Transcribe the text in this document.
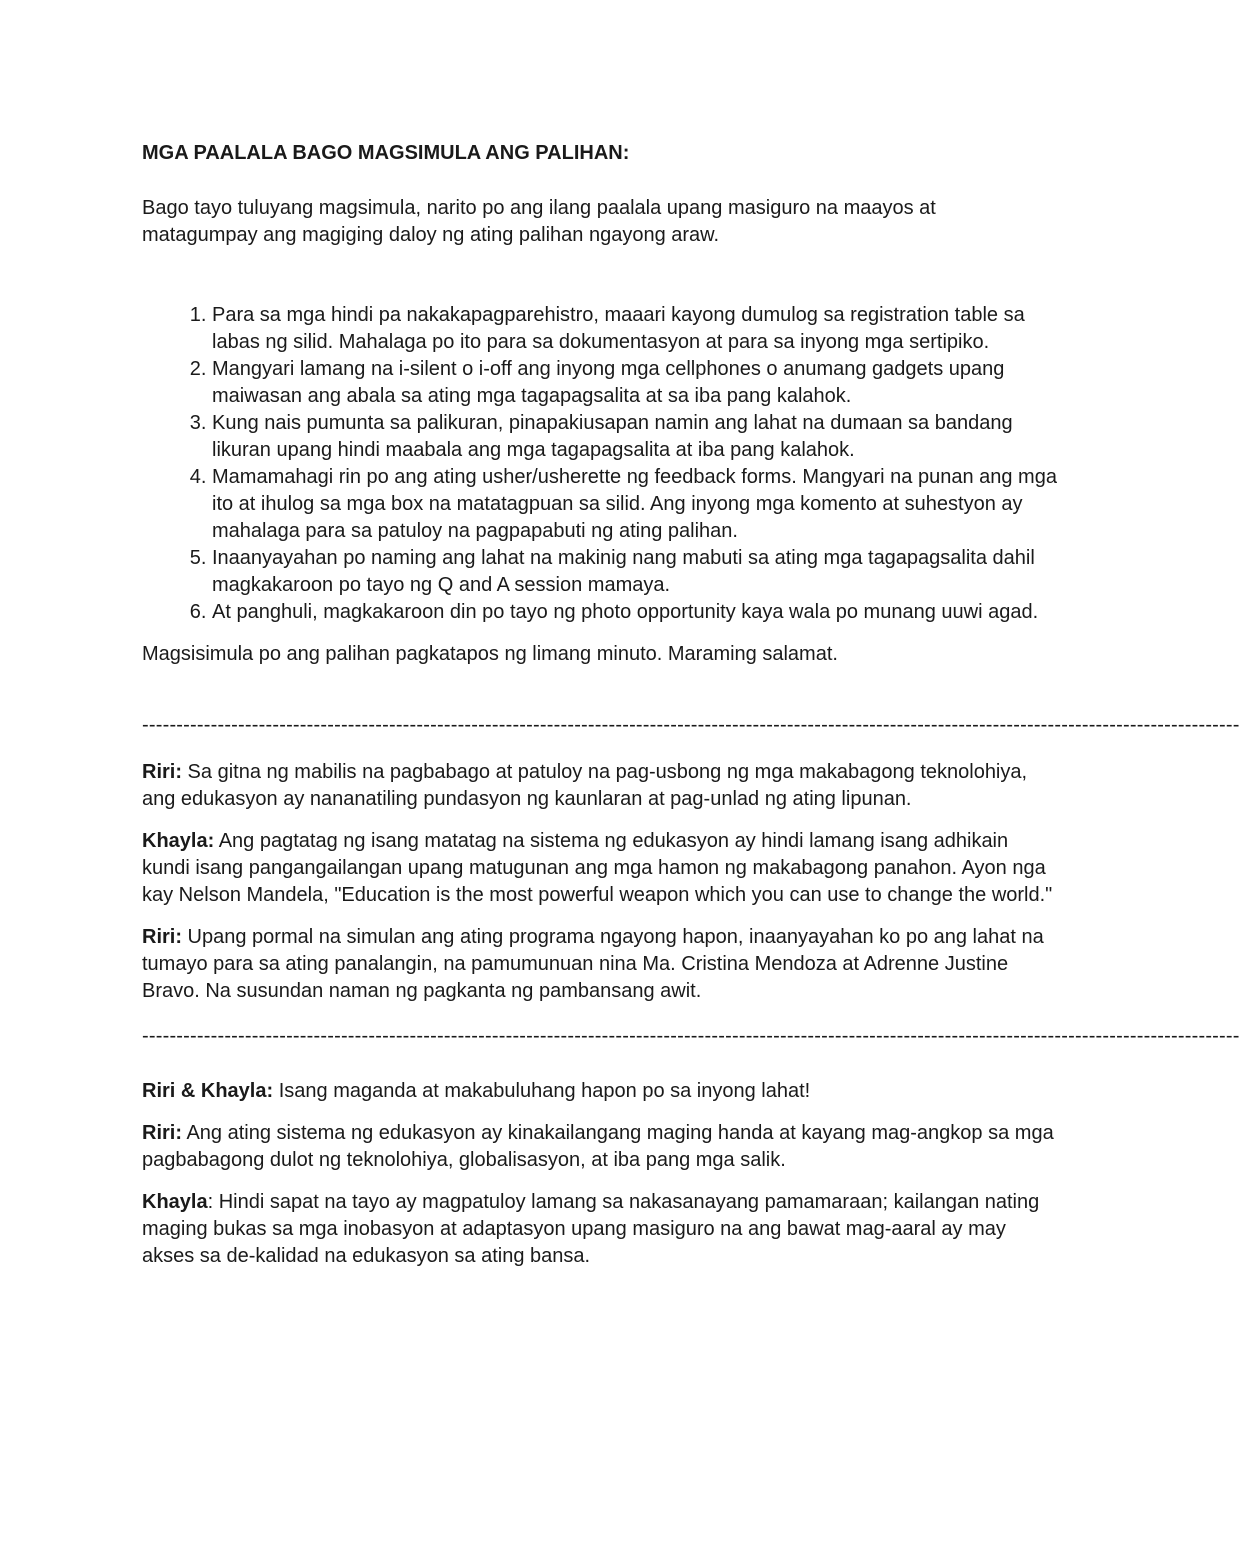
MGA PAALALA BAGO MAGSIMULA ANG PALIHAN:
Bago tayo tuluyang magsimula, narito po ang ilang paalala upang masiguro na maayos at matagumpay ang magiging daloy ng ating palihan ngayong araw.
1. Para sa mga hindi pa nakakapagparehistro, maaari kayong dumulog sa registration table sa labas ng silid. Mahalaga po ito para sa dokumentasyon at para sa inyong mga sertipiko.
2. Mangyari lamang na i-silent o i-off ang inyong mga cellphones o anumang gadgets upang maiwasan ang abala sa ating mga tagapagsalita at sa iba pang kalahok.
3. Kung nais pumunta sa palikuran, pinapakiusapan namin ang lahat na dumaan sa bandang likuran upang hindi maabala ang mga tagapagsalita at iba pang kalahok.
4. Mamamahagi rin po ang ating usher/usherette ng feedback forms. Mangyari na punan ang mga ito at ihulog sa mga box na matatagpuan sa silid. Ang inyong mga komento at suhestyon ay mahalaga para sa patuloy na pagpapabuti ng ating palihan.
5. Inaanyayahan po naming ang lahat na makinig nang mabuti sa ating mga tagapagsalita dahil magkakaroon po tayo ng Q and A session mamaya.
6. At panghuli, magkakaroon din po tayo ng photo opportunity kaya wala po munang uuwi agad.
Magsisimula po ang palihan pagkatapos ng limang minuto. Maraming salamat.
----------------------------------------------------------------------------------------------------------------------------------------------------------------
Riri: Sa gitna ng mabilis na pagbabago at patuloy na pag-usbong ng mga makabagong teknolohiya, ang edukasyon ay nananatiling pundasyon ng kaunlaran at pag-unlad ng ating lipunan.
Khayla: Ang pagtatag ng isang matatag na sistema ng edukasyon ay hindi lamang isang adhikain kundi isang pangangailangan upang matugunan ang mga hamon ng makabagong panahon. Ayon nga kay Nelson Mandela, "Education is the most powerful weapon which you can use to change the world."
Riri: Upang pormal na simulan ang ating programa ngayong hapon, inaanyayahan ko po ang lahat na tumayo para sa ating panalangin, na pamumunuan nina Ma. Cristina Mendoza at Adrenne Justine Bravo. Na susundan naman ng pagkanta ng pambansang awit.
----------------------------------------------------------------------------------------------------------------------------------------------------------------
Riri & Khayla: Isang maganda at makabuluhang hapon po sa inyong lahat!
Riri: Ang ating sistema ng edukasyon ay kinakailangang maging handa at kayang mag-angkop sa mga pagbabagong dulot ng teknolohiya, globalisasyon, at iba pang mga salik.
Khayla: Hindi sapat na tayo ay magpatuloy lamang sa nakasanayang pamamaraan; kailangan nating maging bukas sa mga inobasyon at adaptasyon upang masiguro na ang bawat mag-aaral ay may akses sa de-kalidad na edukasyon sa ating bansa.
